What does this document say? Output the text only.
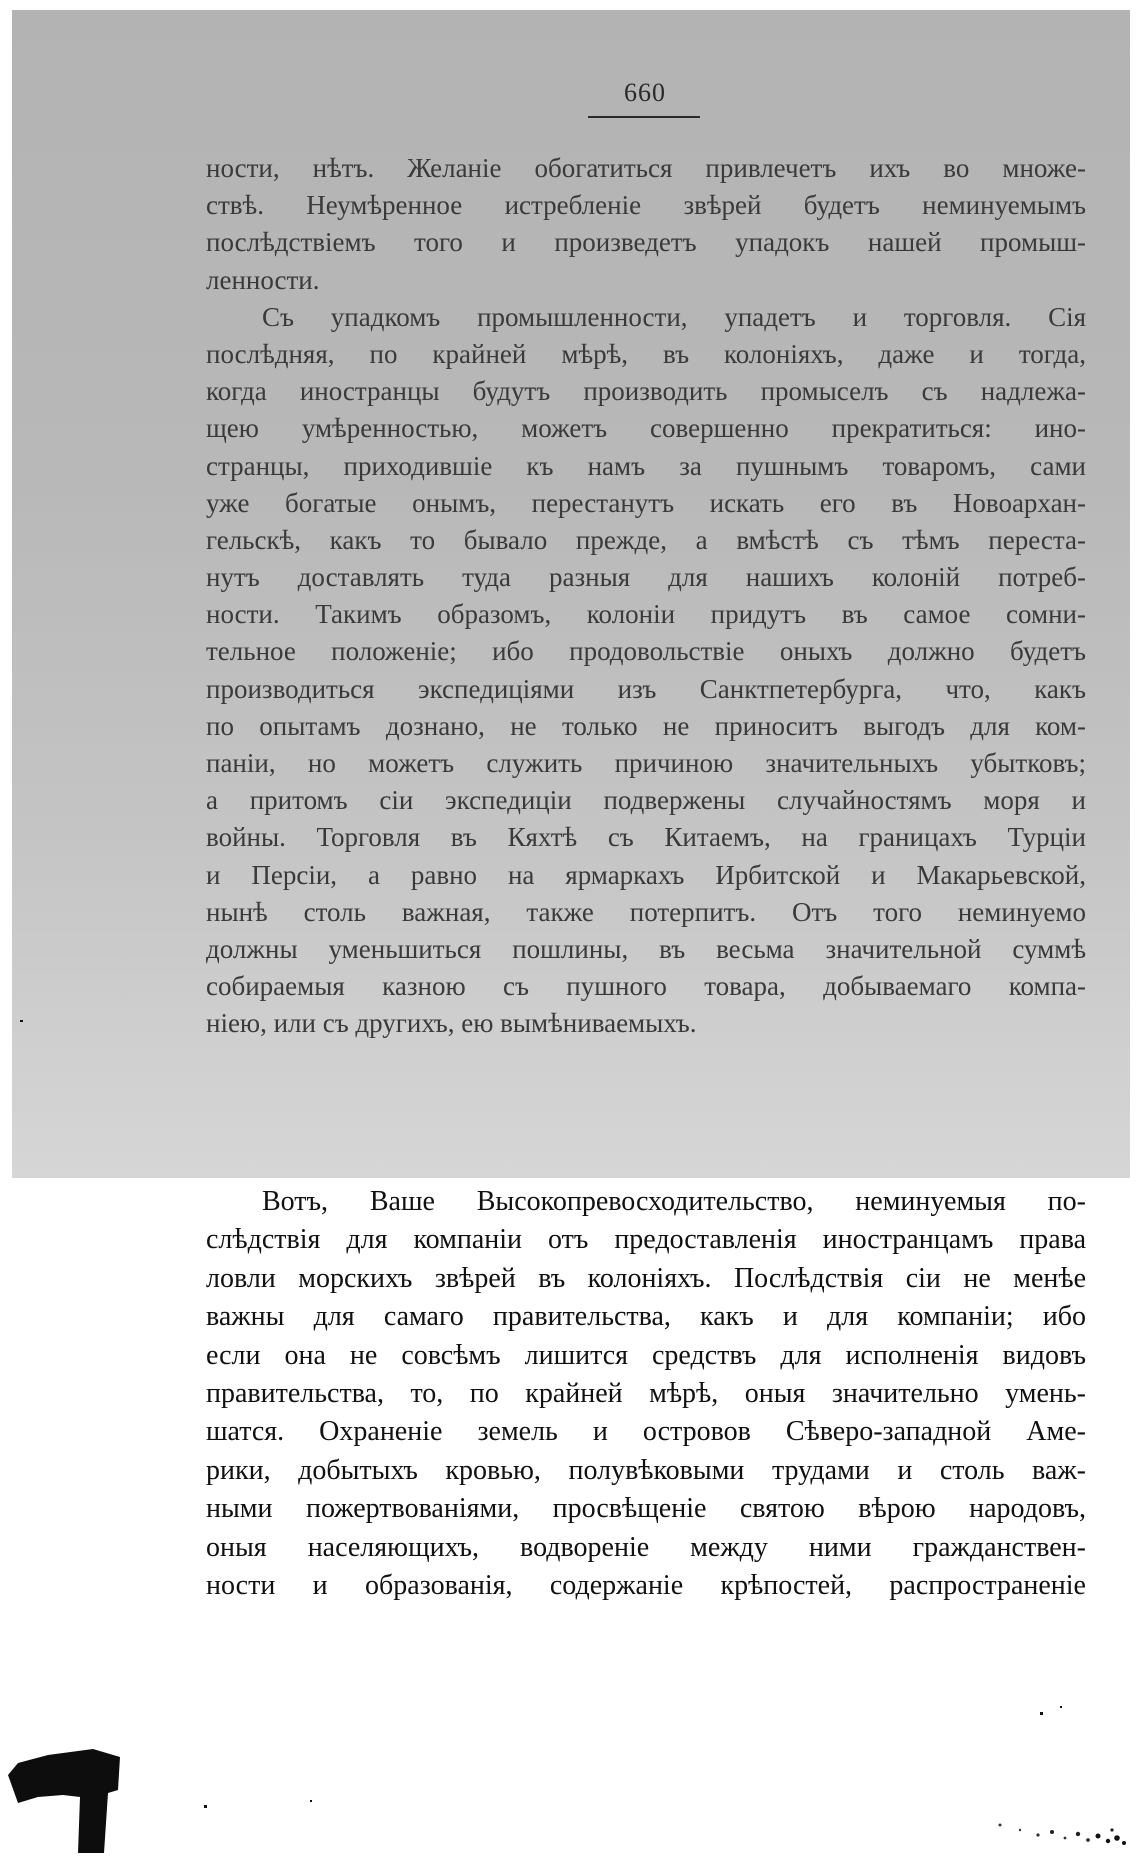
660
ности, нѣтъ. Желаніе обогатиться привлечетъ ихъ во множе-
ствѣ. Неумѣренное истребленіе звѣрей будетъ неминуемымъ
послѣдствіемъ того и произведетъ упадокъ нашей промыш-
ленности.
Съ упадкомъ промышленности, упадетъ и торговля. Сія
послѣдняя, по крайней мѣрѣ, въ колоніяхъ, даже и тогда,
когда иностранцы будутъ производить промыселъ съ надлежа-
щею умѣренностью, можетъ совершенно прекратиться: ино-
странцы, приходившіе къ намъ за пушнымъ товаромъ, сами
уже богатые онымъ, перестанутъ искать его въ Новоархан-
гельскѣ, какъ то бывало прежде, а вмѣстѣ съ тѣмъ переста-
нутъ доставлять туда разныя для нашихъ колоній потреб-
ности. Такимъ образомъ, колоніи придутъ въ самое сомни-
тельное положеніе; ибо продовольствіе оныхъ должно будетъ
производиться экспедиціями изъ Санктпетербурга, что, какъ
по опытамъ дознано, не только не приноситъ выгодъ для ком-
паніи, но можетъ служить причиною значительныхъ убытковъ;
а притомъ сіи экспедиціи подвержены случайностямъ моря и
войны. Торговля въ Кяхтѣ съ Китаемъ, на границахъ Турціи
и Персіи, а равно на ярмаркахъ Ирбитской и Макарьевской,
нынѣ столь важная, также потерпитъ. Отъ того неминуемо
должны уменьшиться пошлины, въ весьма значительной суммѣ
собираемыя казною съ пушного товара, добываемаго компа-
ніею, или съ другихъ, ею вымѣниваемыхъ.
Вотъ, Ваше Высокопревосходительство, неминуемыя по-
слѣдствія для компаніи отъ предоставленія иностранцамъ права
ловли морскихъ звѣрей въ колоніяхъ. Послѣдствія сіи не менѣе
важны для самаго правительства, какъ и для компаніи; ибо
если она не совсѣмъ лишится средствъ для исполненія видовъ
правительства, то, по крайней мѣрѣ, оныя значительно умень-
шатся. Охраненіе земель и островов Сѣверо-западной Аме-
рики, добытыхъ кровью, полувѣковыми трудами и столь важ-
ными пожертвованіями, просвѣщеніе святою вѣрою народовъ,
оныя населяющихъ, водвореніе между ними гражданствен-
ности и образованія, содержаніе крѣпостей, распространеніе
